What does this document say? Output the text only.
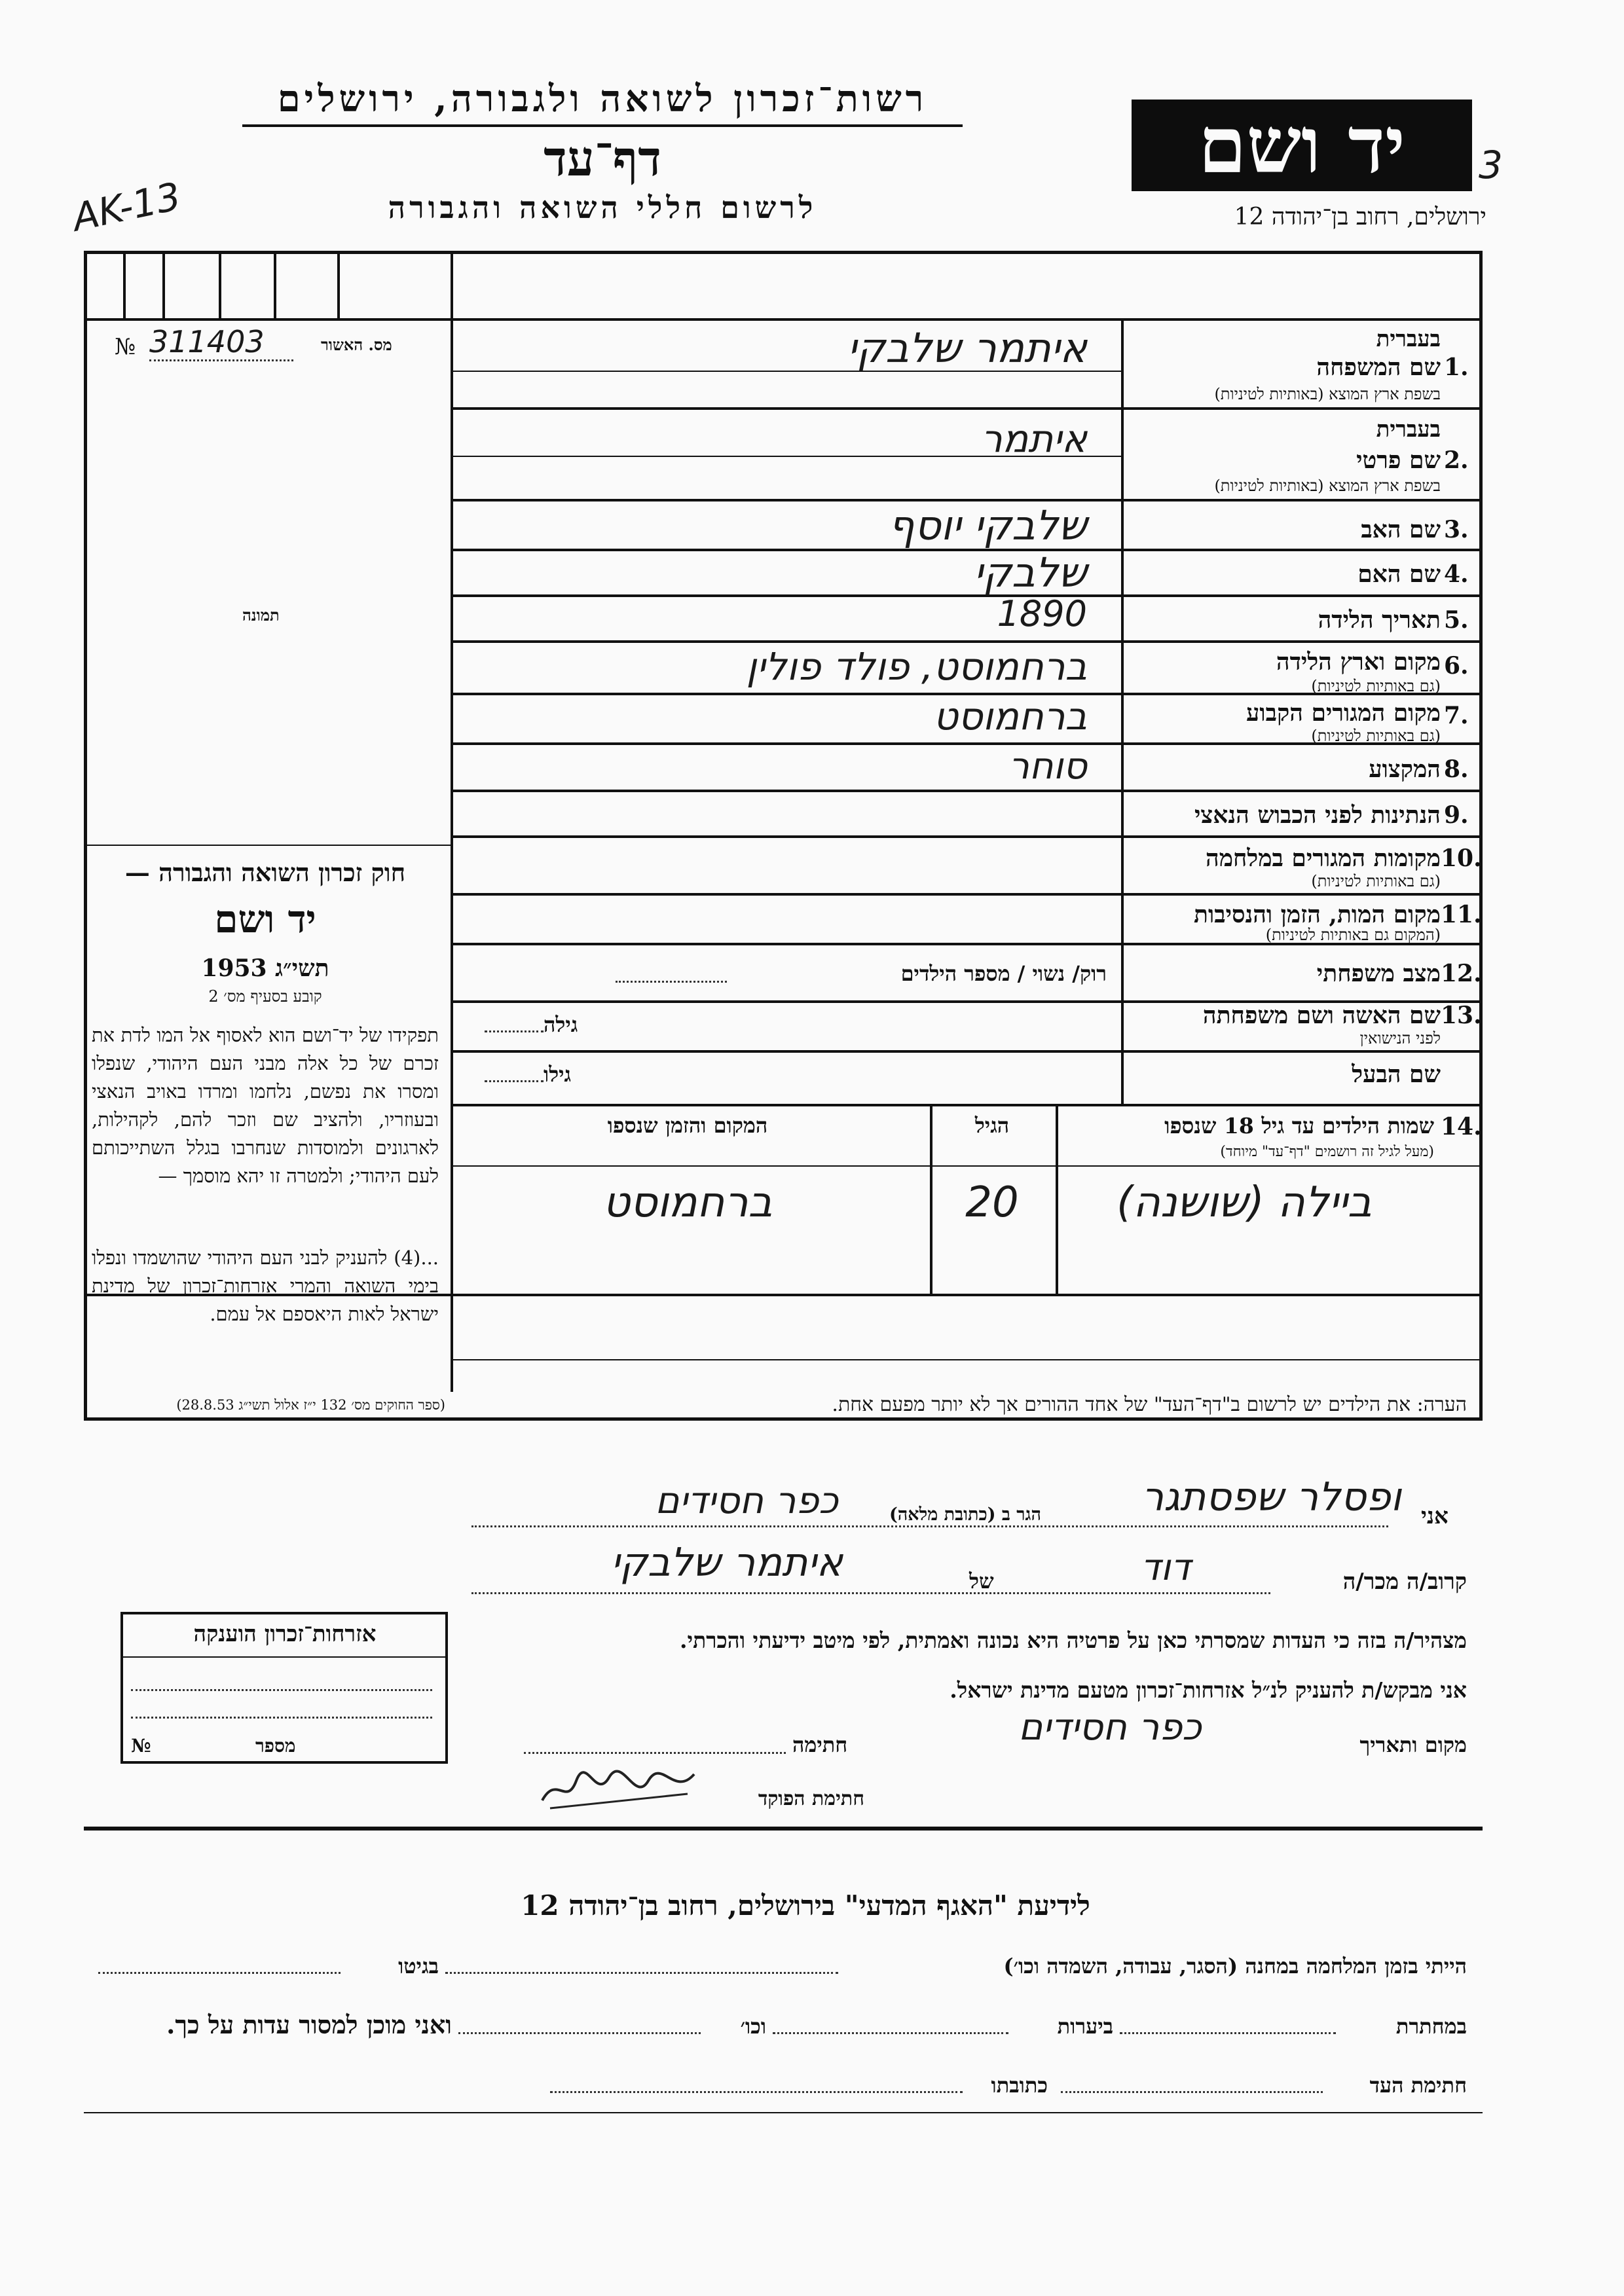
רשות־זכרון לשואה ולגבורה, ירושלים
דף־עד
לרשום חללי השואה והגבורה
יד ושם	3
ירושלים, רחוב בן־יהודה 12
AK-13
№ 311403	מס. האשור
תמונה
בעברית
שם המשפחה
בשפת ארץ המוצא (באותיות לטיניות)
1.
איתמר שלבקי
בעברית
שם פרטי
בשפת ארץ המוצא (באותיות לטיניות)
2.
איתמר
שם האב 3.
שלבקי יוסף
שם האם 4.
שלבקי
תאריך הלידה 5.
1890
מקום וארץ הלידה
(גם באותיות לטיניות)
6.
ברחמוסט, פולד פולין
מקום המגורים הקבוע
(גם באותיות לטיניות)
7.
ברחמוסט
המקצוע 8.
סוחר
הנתינות לפני הכבוש הנאצי 9.
מקומות המגורים במלחמה
(גם באותיות לטיניות)
10.
מקום המות, הזמן והנסיבות
(המקום גם באותיות לטיניות)
11.
מצב משפחתי 12.
רוק/ נשוי / מספר הילדים
שם האשה ושם משפחתה
לפני הנישואין
13.
גילה
שם הבעל
גילו
14.
שמות הילדים עד גיל 18 שנספו
(מעל לגיל זה רושמים "דף־עד" מיוחד)
הגיל
המקום והזמן שנספו
ביילה (שושנה)
20
ברחמוסט
הערה: את הילדים יש לרשום ב"דף־העד" של אחד ההורים אך לא יותר מפעם אחת.
חוק זכרון השואה והגבורה —
יד ושם
תשי״ג 1953
קובע בסעיף מס׳ 2
תפקידו של יד־ושם הוא לאסוף אל המו לדת את זכרם של כל אלה מבני העם היהודי, שנפלו ומסרו את נפשם, נלחמו ומרדו באויב הנאצי ובעוזריו, ולהציב שם וזכר להם, לקהילות, לארגונים ולמוסדות שנחרבו בגלל השתייכותם לעם היהודי; ולמטרה זו יהא מוסמך —
...(4) להעניק לבני העם היהודי שהושמדו ונפלו בימי השואה והמרי אזרחות־זכרון של מדינת ישראל לאות היאספם אל עמם.
(ספר החוקים מס׳ 132 י״ז אלול תשי״ג 28.8.53)
אני
ופסלר שפסתגר
הגר ב (כתובת מלאה)
כפר חסידים
קרוב/ה מכר/ה
דוד
של
איתמר שלבקי
מצהיר/ה בזה כי העדות שמסרתי כאן על פרטיה היא נכונה ואמתית, לפי מיטב ידיעתי והכרתי.
אני מבקש/ת להעניק לנ״ל אזרחות־זכרון מטעם מדינת ישראל.
מקום ותאריך
כפר חסידים
חתימה
חתימת הפוקד
אזרחות־זכרון הוענקה
מספר
№
לידיעת "האגף המדעי" בירושלים, רחוב בן־יהודה 12
הייתי בזמן המלחמה במחנה (הסגר, עבודה, השמדה וכו׳)
בגיטו
במחתרת
ביערות
וכו׳
ואני מוכן למסור עדות על כך.
חתימת העד
כתובתו
